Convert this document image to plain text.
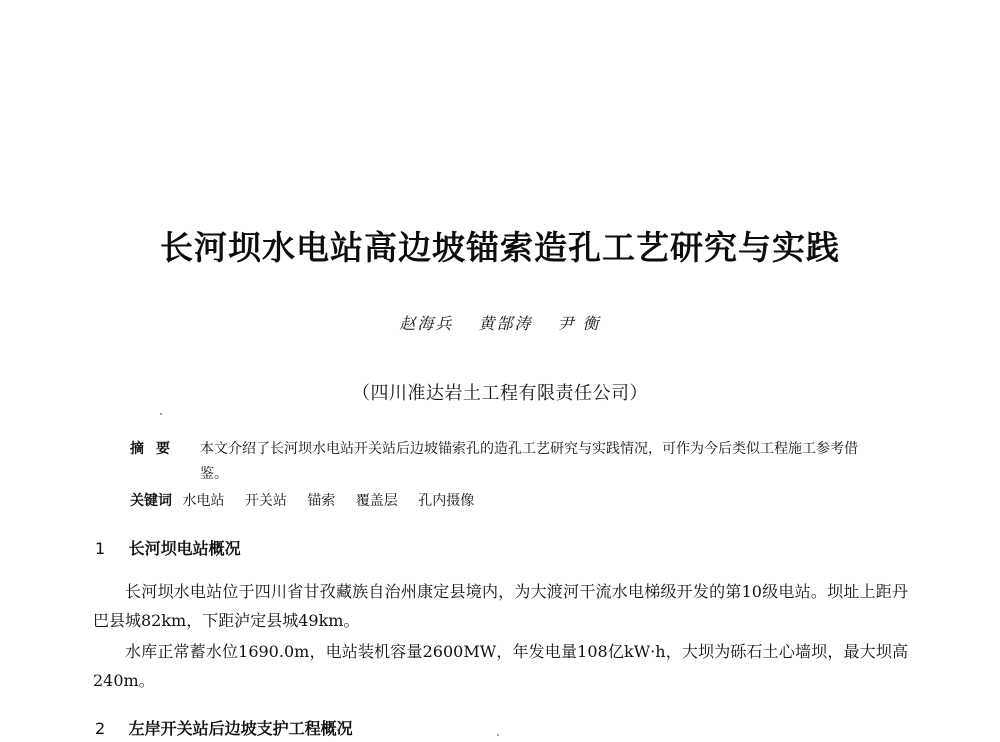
长河坝水电站高边坡锚索造孔工艺研究与实践
赵海兵 黄郜涛 尹 衡
（四川准达岩土工程有限责任公司）
摘要 本文介绍了长河坝水电站开关站后边坡锚索孔的造孔工艺研究与实践情况，可作为今后类似工程施工参考借鉴。
关键词 水电站 开关站 锚索 覆盖层 孔内摄像
1 长河坝电站概况
长河坝水电站位于四川省甘孜藏族自治州康定县境内，为大渡河干流水电梯级开发的第10级电站。坝址上距丹巴县城82km，下距泸定县城49km。
水库正常蓄水位1690.0m，电站装机容量2600MW，年发电量108亿kW·h，大坝为砾石土心墙坝，最大坝高240m。
2 左岸开关站后边坡支护工程概况
